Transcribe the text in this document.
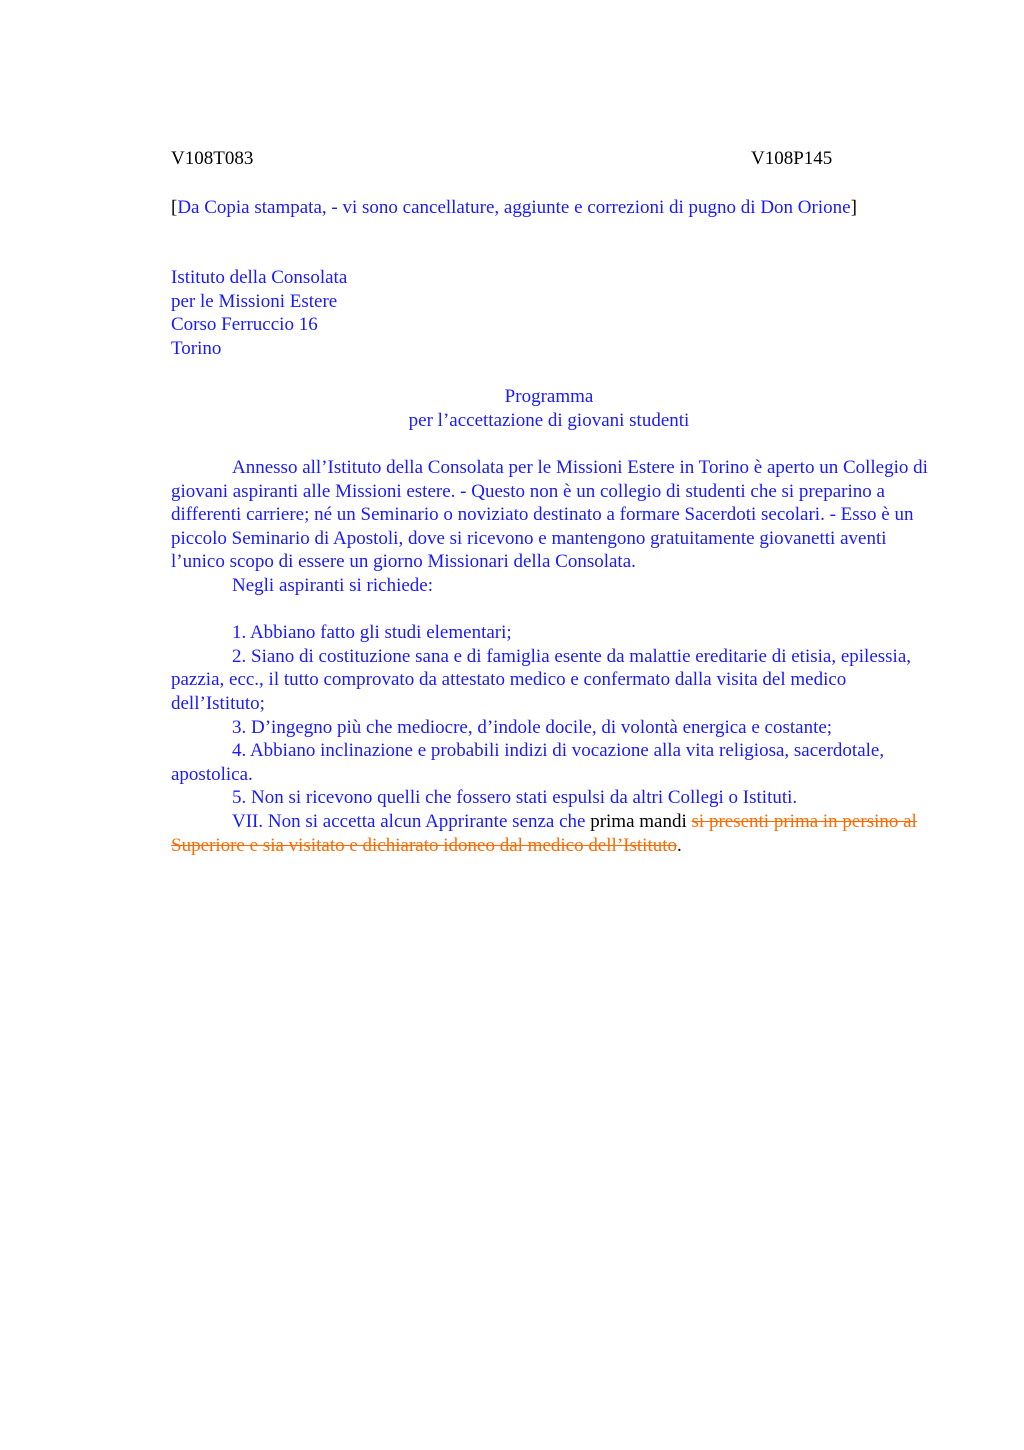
V108T083	V108P145
[Da Copia stampata, - vi sono cancellature, aggiunte e correzioni di pugno di Don Orione]
Istituto della Consolata
per le Missioni Estere
Corso Ferruccio 16
Torino
Programma
per l’accettazione di giovani studenti

Annesso all’Istituto della Consolata per le Missioni Estere in Torino è aperto un Collegio di giovani aspiranti alle Missioni estere. - Questo non è un collegio di studenti che si preparino a differenti carriere; né un Seminario o noviziato destinato a formare Sacerdoti secolari. - Esso è un piccolo Seminario di Apostoli, dove si ricevono e mantengono gratuitamente giovanetti aventi l’unico scopo di essere un giorno Missionari della Consolata.

Negli aspiranti si richiede:

1. Abbiano fatto gli studi elementari;

2. Siano di costituzione sana e di famiglia esente da malattie ereditarie di etisia, epilessia, pazzia, ecc., il tutto comprovato da attestato medico e confermato dalla visita del medico dell’Istituto;

3. D’ingegno più che mediocre, d’indole docile, di volontà energica e costante;

4. Abbiano inclinazione e probabili indizi di vocazione alla vita religiosa, sacerdotale, apostolica.

5. Non si ricevono quelli che fossero stati espulsi da altri Collegi o Istituti.

VII. Non si accetta alcun Apprirante senza che prima mandi si presenti prima in persino al Superiore e sia visitato e dichiarato idoneo dal medico dell’Istituto.
